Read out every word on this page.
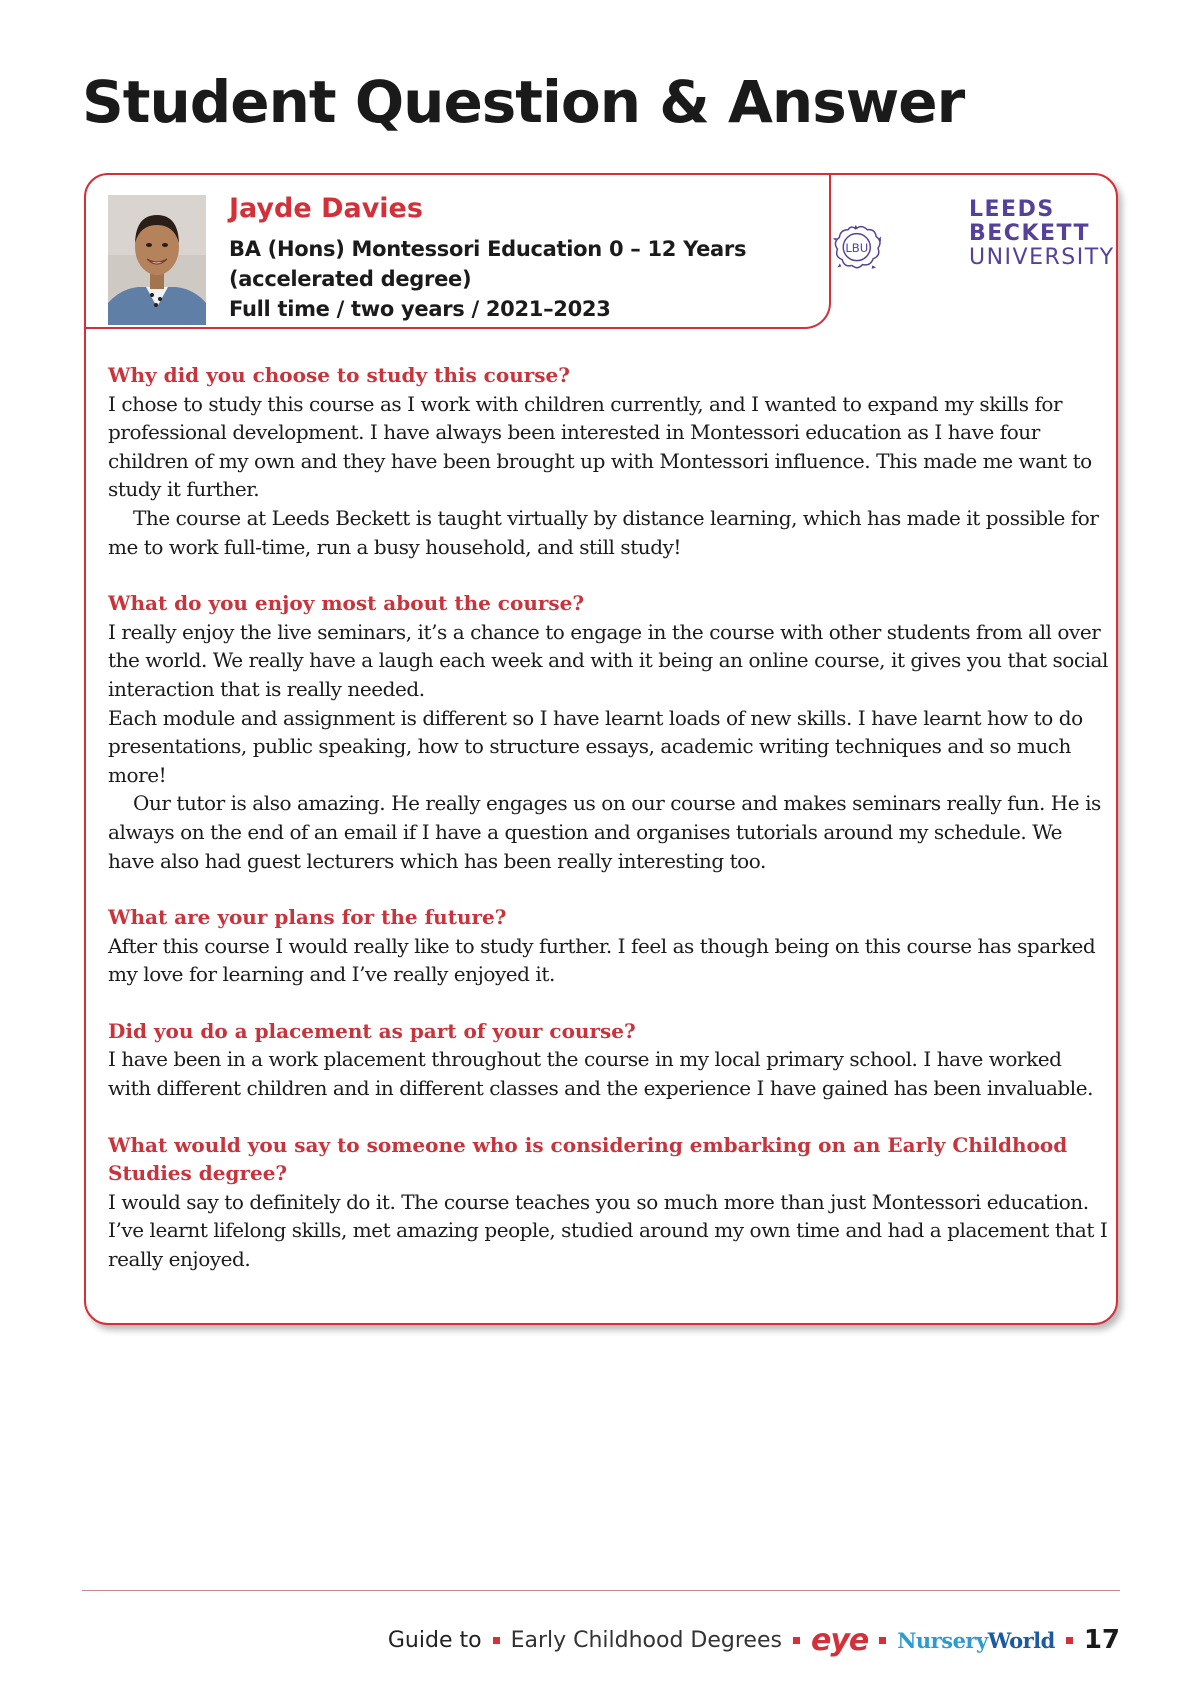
Student Question & Answer

Jayde Davies

BA (Hons) Montessori Education 0 – 12 Years

(accelerated degree)

Full time / two years / 2021–2023

LBU

LEEDS

BECKETT

UNIVERSITY

Why did you choose to study this course?

I chose to study this course as I work with children currently, and I wanted to expand my skills for professional development. I have always been interested in Montessori education as I have four children of my own and they have been brought up with Montessori influence. This made me want to study it further.

The course at Leeds Beckett is taught virtually by distance learning, which has made it possible for me to work full-time, run a busy household, and still study!

What do you enjoy most about the course?

I really enjoy the live seminars, it’s a chance to engage in the course with other students from all over the world. We really have a laugh each week and with it being an online course, it gives you that social interaction that is really needed.

Each module and assignment is different so I have learnt loads of new skills. I have learnt how to do presentations, public speaking, how to structure essays, academic writing techniques and so much more!

Our tutor is also amazing. He really engages us on our course and makes seminars really fun. He is always on the end of an email if I have a question and organises tutorials around my schedule. We have also had guest lecturers which has been really interesting too.

What are your plans for the future?

After this course I would really like to study further. I feel as though being on this course has sparked my love for learning and I’ve really enjoyed it.

Did you do a placement as part of your course?

I have been in a work placement throughout the course in my local primary school. I have worked with different children and in different classes and the experience I have gained has been invaluable.

What would you say to someone who is considering embarking on an Early Childhood Studies degree?

I would say to definitely do it. The course teaches you so much more than just Montessori education. I’ve learnt lifelong skills, met amazing people, studied around my own time and had a placement that I really enjoyed.

Guide to Early Childhood Degrees eye NurseryWorld 17
